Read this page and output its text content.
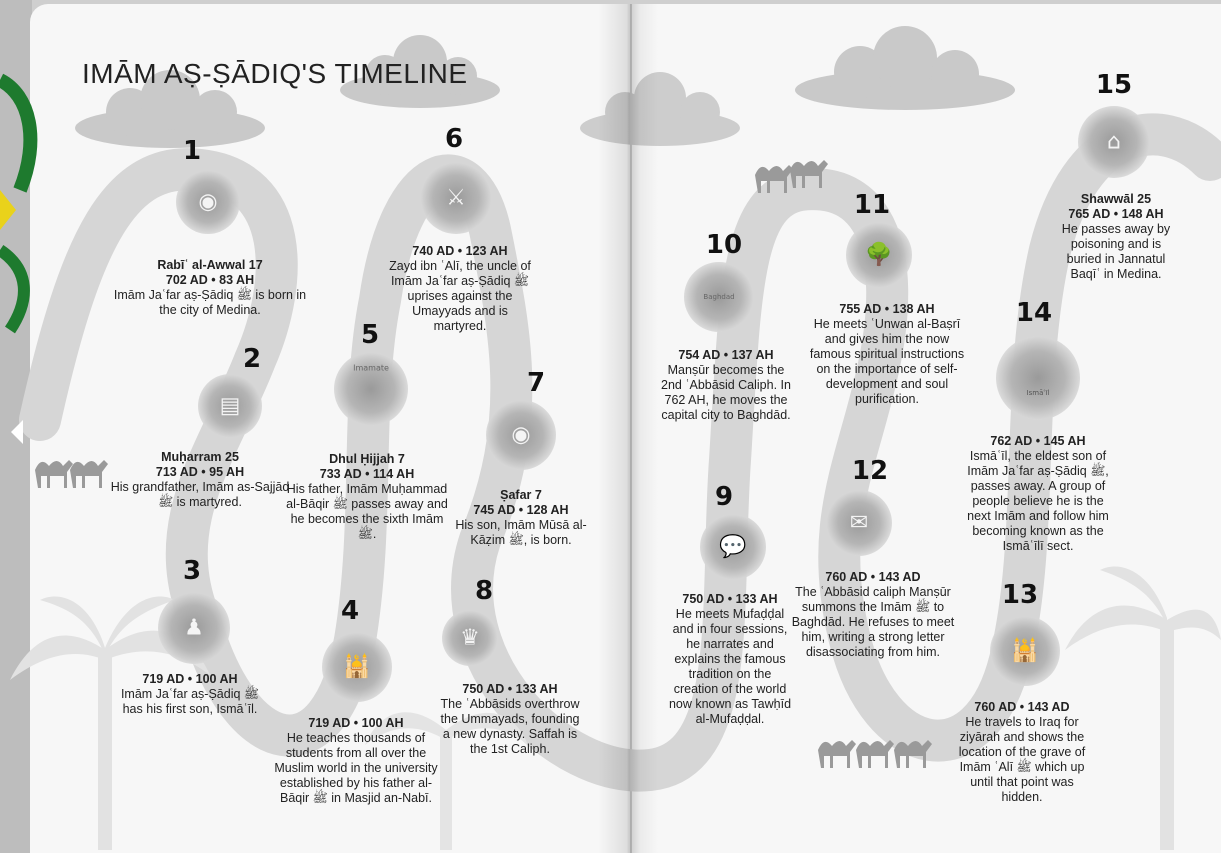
IMĀM AṢ-ṢĀDIQ'S TIMELINE
1
◉
Rabīʿ al-Awwal 17
702 AD • 83 AH
Imām Jaʿfar aṣ-Ṣādiq ﷺ is born in the city of Medina.
2
▤
Muḥarram 25
713 AD • 95 AH
His grandfather, Imām as-Sajjād ﷺ is martyred.
3
♟
719 AD • 100 AH
Imām Jaʿfar aṣ-Ṣādiq ﷺ has his first son, Ismāʿīl.
4
🕌
719 AD • 100 AH
He teaches thousands of students from all over the Muslim world in the university established by his father al-Bāqir ﷺ in Masjid an-Nabī.
5
Imamate
Dhul Ḥijjah 7
733 AD • 114 AH
His father, Imām Muḥammad al-Bāqir ﷺ passes away and he becomes the sixth Imām ﷺ.
6
⚔
740 AD • 123 AH
Zayd ibn ʿAlī, the uncle of Imām Jaʿfar aṣ-Ṣādiq ﷺ uprises against the Umayyads and is martyred.
7
◉
Ṣafar 7
745 AD • 128 AH
His son, Imām Mūsā al-Kāẓim ﷺ, is born.
8
♛
750 AD • 133 AH
The ʿAbbāsids overthrow the Ummayads, founding a new dynasty. Saffah is the 1st Caliph.
9
💬
750 AD • 133 AH
He meets Mufaḍḍal and in four sessions, he narrates and explains the famous tradition on the creation of the world now known as Tawḥīd al-Mufaḍḍal.
10
Baghdad
754 AD • 137 AH
Manṣūr becomes the 2nd ʿAbbāsid Caliph. In 762 AH, he moves the capital city to Baghdād.
11
🌳
755 AD • 138 AH
He meets ʿUnwan al-Baṣrī and gives him the now famous spiritual instructions on the importance of self-development and soul purification.
12
✉
760 AD • 143 AD
The ʿAbbāsid caliph Manṣūr summons the Imām ﷺ to Baghdād. He refuses to meet him, writing a strong letter disassociating from him.
13
🕌
760 AD • 143 AD
He travels to Iraq for ziyārah and shows the location of the grave of Imām ʿAlī ﷺ which up until that point was hidden.
14
Ismāʿīl
762 AD • 145 AH
Ismāʿīl, the eldest son of Imām Jaʿfar aṣ-Ṣādiq ﷺ, passes away. A group of people believe he is the next Imām and follow him becoming known as the Ismāʿīlī sect.
15
⌂
Shawwāl 25
765 AD • 148 AH
He passes away by poisoning and is buried in Jannatul Baqīʿ in Medina.
